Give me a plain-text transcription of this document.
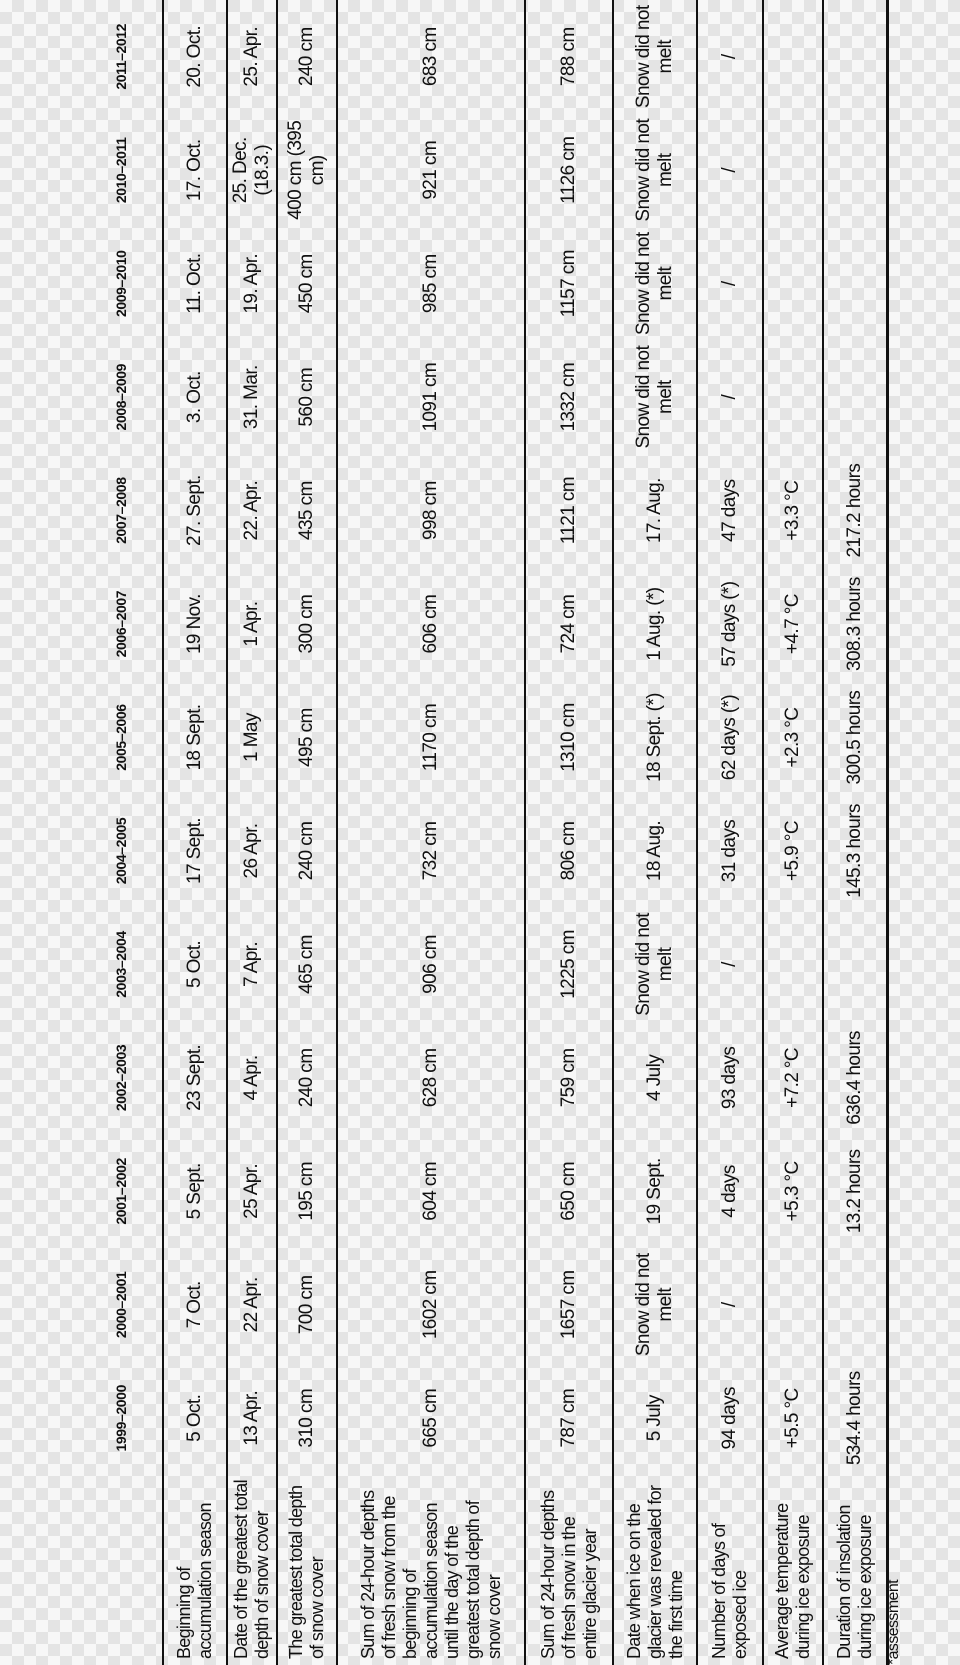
	1999–2000	2000–2001	2001–2002	2002–2003	2003–2004	2004–2005	2005–2006	2006–2007	2007–2008	2008–2009	2009–2010	2010–2011	2011–2012
Beginning of accumulation season	5 Oct.	7 Oct.	5 Sept.	23 Sept.	5 Oct.	17 Sept.	18 Sept.	19 Nov.	27. Sept.	3. Oct.	11. Oct.	17. Oct.	20. Oct.
Date of the greatest total depth of snow cover	13 Apr.	22 Apr.	25 Apr.	4 Apr.	7 Apr.	26 Apr.	1 May	1 Apr.	22. Apr.	31. Mar.	19. Apr.	25. Dec. (18.3.)	25. Apr.
The greatest total depth of snow cover	310 cm	700 cm	195 cm	240 cm	465 cm	240 cm	495 cm	300 cm	435 cm	560 cm	450 cm	400 cm (395 cm)	240 cm
Sum of 24-hour depths of fresh snow from the beginning of accumulation season until the day of the greatest total depth of snow cover	665 cm	1602 cm	604 cm	628 cm	906 cm	732 cm	1170 cm	606 cm	998 cm	1091 cm	985 cm	921 cm	683 cm
Sum of 24-hour depths of fresh snow in the entire glacier year	787 cm	1657 cm	650 cm	759 cm	1225 cm	806 cm	1310 cm	724 cm	1121 cm	1332 cm	1157 cm	1126 cm	788 cm
Date when ice on the glacier was revealed for the first time	5 July	Snow did not melt	19 Sept.	4 July	Snow did not melt	18 Aug.	18 Sept. (*)	1 Aug. (*)	17. Aug.	Snow did not melt	Snow did not melt	Snow did not melt	Snow did not melt
Number of days of exposed ice	94 days	/	4 days	93 days	/	31 days	62 days (*)	57 days (*)	47 days	/	/	/	/
Average temperature during ice exposure	+5.5 °C		+5.3 °C	+7.2 °C		+5.9 °C	+2.3 °C	+4.7 °C	+3.3 °C				
Duration of insolation during ice exposure	534.4 hours		13.2 hours	636.4 hours		145.3 hours	300.5 hours	308.3 hours	217.2 hours				
*assessment
